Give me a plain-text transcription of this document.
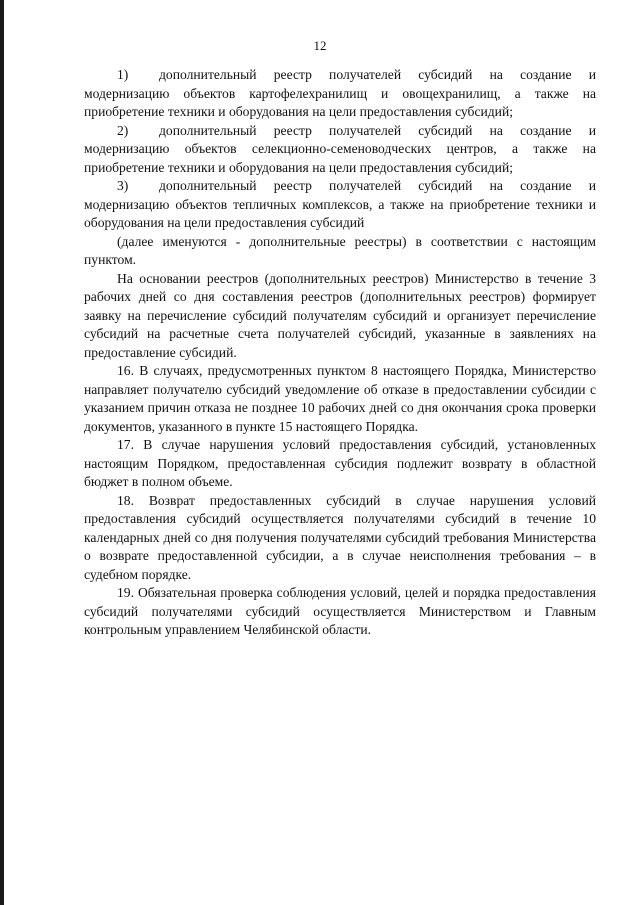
12

1) дополнительный реестр получателей субсидий на создание и модернизацию объектов картофелехранилищ и овощехранилищ, а также на приобретение техники и оборудования на цели предоставления субсидий;

2) дополнительный реестр получателей субсидий на создание и модернизацию объектов селекционно-семеноводческих центров, а также на приобретение техники и оборудования на цели предоставления субсидий;

3) дополнительный реестр получателей субсидий на создание и модернизацию объектов тепличных комплексов, а также на приобретение техники и оборудования на цели предоставления субсидий

(далее именуются - дополнительные реестры) в соответствии с настоящим пунктом.

На основании реестров (дополнительных реестров) Министерство в течение 3 рабочих дней со дня составления реестров (дополнительных реестров) формирует заявку на перечисление субсидий получателям субсидий и организует перечисление субсидий на расчетные счета получателей субсидий, указанные в заявлениях на предоставление субсидий.

16. В случаях, предусмотренных пунктом 8 настоящего Порядка, Министерство направляет получателю субсидий уведомление об отказе в предоставлении субсидии с указанием причин отказа не позднее 10 рабочих дней со дня окончания срока проверки документов, указанного в пункте 15 настоящего Порядка.

17. В случае нарушения условий предоставления субсидий, установленных настоящим Порядком, предоставленная субсидия подлежит возврату в областной бюджет в полном объеме.

18. Возврат предоставленных субсидий в случае нарушения условий предоставления субсидий осуществляется получателями субсидий в течение 10 календарных дней со дня получения получателями субсидий требования Министерства о возврате предоставленной субсидии, а в случае неисполнения требования – в судебном порядке.

19. Обязательная проверка соблюдения условий, целей и порядка предоставления субсидий получателями субсидий осуществляется Министерством и Главным контрольным управлением Челябинской области.
